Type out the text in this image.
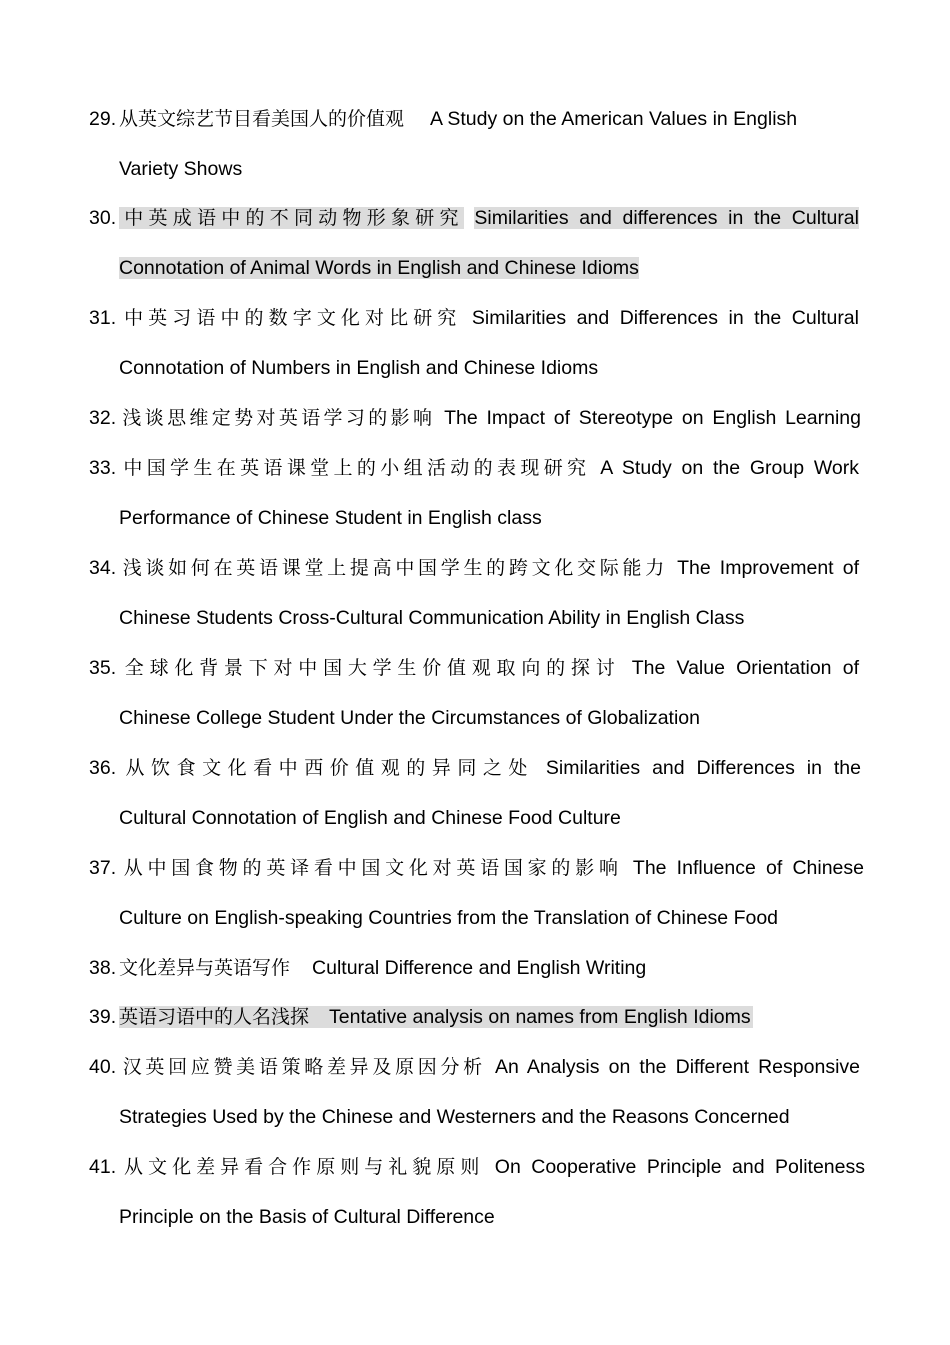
29. 从英文综艺节目看美国人的价值观 A Study on the American Values in English
Variety Shows
30. 中英成语中的不同动物形象研究 Similarities and differences in the Cultural
Connotation of Animal Words in English and Chinese Idioms
31. 中英习语中的数字文化对比研究 Similarities and Differences in the Cultural
Connotation of Numbers in English and Chinese Idioms
32. 浅谈思维定势对英语学习的影响 The Impact of Stereotype on English Learning
33. 中国学生在英语课堂上的小组活动的表现研究 A Study on the Group Work
Performance of Chinese Student in English class
34. 浅谈如何在英语课堂上提高中国学生的跨文化交际能力 The Improvement of
Chinese Students Cross-Cultural Communication Ability in English Class
35. 全球化背景下对中国大学生价值观取向的探讨 The Value Orientation of
Chinese College Student Under the Circumstances of Globalization
36. 从饮食文化看中西价值观的异同之处 Similarities and Differences in the
Cultural Connotation of English and Chinese Food Culture
37. 从中国食物的英译看中国文化对英语国家的影响 The Influence of Chinese
Culture on English-speaking Countries from the Translation of Chinese Food
38. 文化差异与英语写作 Cultural Difference and English Writing
39. 英语习语中的人名浅探 Tentative analysis on names from English Idioms
40. 汉英回应赞美语策略差异及原因分析 An Analysis on the Different Responsive
Strategies Used by the Chinese and Westerners and the Reasons Concerned
41. 从文化差异看合作原则与礼貌原则 On Cooperative Principle and Politeness
Principle on the Basis of Cultural Difference
